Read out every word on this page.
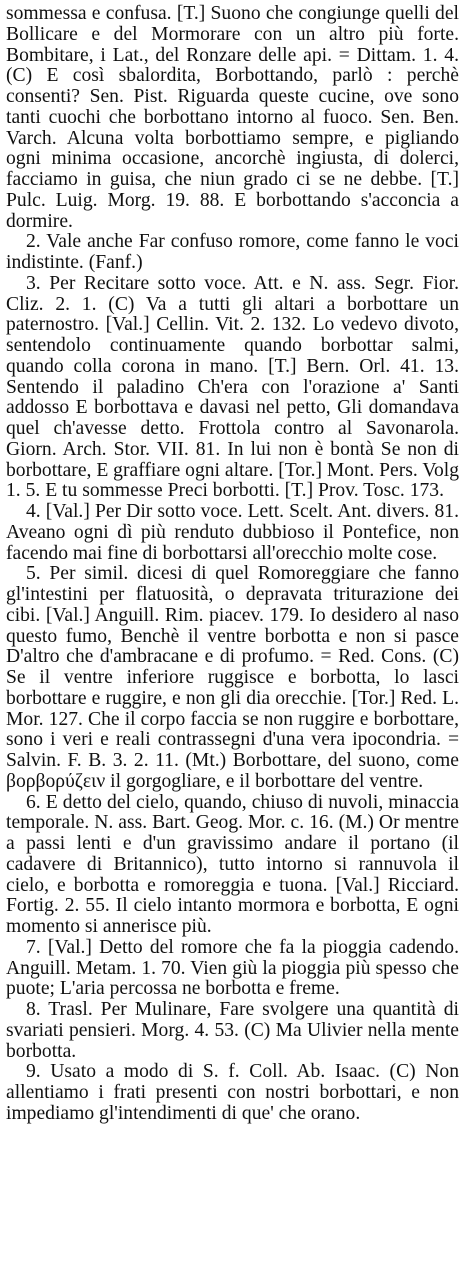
sommessa e confusa. [T.] Suono che congiunge quelli del Bollicare e del Mormorare con un altro più forte. Bombitare, i Lat., del Ronzare delle api. = Dittam. 1. 4. (C) E così sbalordita, Borbottando, parlò : perchè consenti? Sen. Pist. Riguarda queste cucine, ove sono tanti cuochi che borbottano intorno al fuoco. Sen. Ben. Varch. Alcuna volta borbottiamo sempre, e pigliando ogni minima occasione, ancorchè ingiusta, di dolerci, facciamo in guisa, che niun grado ci se ne debbe. [T.] Pulc. Luig. Morg. 19. 88. E borbottando s'acconcia a dormire.
2. Vale anche Far confuso romore, come fanno le voci indistinte. (Fanf.)
3. Per Recitare sotto voce. Att. e N. ass. Segr. Fior. Cliz. 2. 1. (C) Va a tutti gli altari a borbottare un paternostro. [Val.] Cellin. Vit. 2. 132. Lo vedevo divoto, sentendolo continuamente quando borbottar salmi, quando colla corona in mano. [T.] Bern. Orl. 41. 13. Sentendo il paladino Ch'era con l'orazione a' Santi addosso E borbottava e davasi nel petto, Gli domandava quel ch'avesse detto. Frottola contro al Savonarola. Giorn. Arch. Stor. VII. 81. In lui non è bontà Se non di borbottare, E graffiare ogni altare. [Tor.] Mont. Pers. Volg 1. 5. E tu sommesse Preci borbotti. [T.] Prov. Tosc. 173.
4. [Val.] Per Dir sotto voce. Lett. Scelt. Ant. divers. 81. Aveano ogni dì più renduto dubbioso il Pontefice, non facendo mai fine di borbottarsi all'orecchio molte cose.
5. Per simil. dicesi di quel Romoreggiare che fanno gl'intestini per flatuosità, o depravata triturazione dei cibi. [Val.] Anguill. Rim. piacev. 179. Io desidero al naso questo fumo, Benchè il ventre borbotta e non si pasce D'altro che d'ambracane e di profumo. = Red. Cons. (C) Se il ventre inferiore ruggisce e borbotta, lo lasci borbottare e ruggire, e non gli dia orecchie. [Tor.] Red. L. Mor. 127. Che il corpo faccia se non ruggire e borbottare, sono i veri e reali contrassegni d'una vera ipocondria. = Salvin. F. B. 3. 2. 11. (Mt.) Borbottare, del suono, come βορβορύζειν il gorgogliare, e il borbottare del ventre.
6. E detto del cielo, quando, chiuso di nuvoli, minaccia temporale. N. ass. Bart. Geog. Mor. c. 16. (M.) Or mentre a passi lenti e d'un gravissimo andare il portano (il cadavere di Britannico), tutto intorno si rannuvola il cielo, e borbotta e romoreggia e tuona. [Val.] Ricciard. Fortig. 2. 55. Il cielo intanto mormora e borbotta, E ogni momento si annerisce più.
7. [Val.] Detto del romore che fa la pioggia cadendo. Anguill. Metam. 1. 70. Vien giù la pioggia più spesso che puote; L'aria percossa ne borbotta e freme.
8. Trasl. Per Mulinare, Fare svolgere una quantità di svariati pensieri. Morg. 4. 53. (C) Ma Ulivier nella mente borbotta.
9. Usato a modo di S. f. Coll. Ab. Isaac. (C) Non allentiamo i frati presenti con nostri borbottari, e non impediamo gl'intendimenti di que' che orano.
